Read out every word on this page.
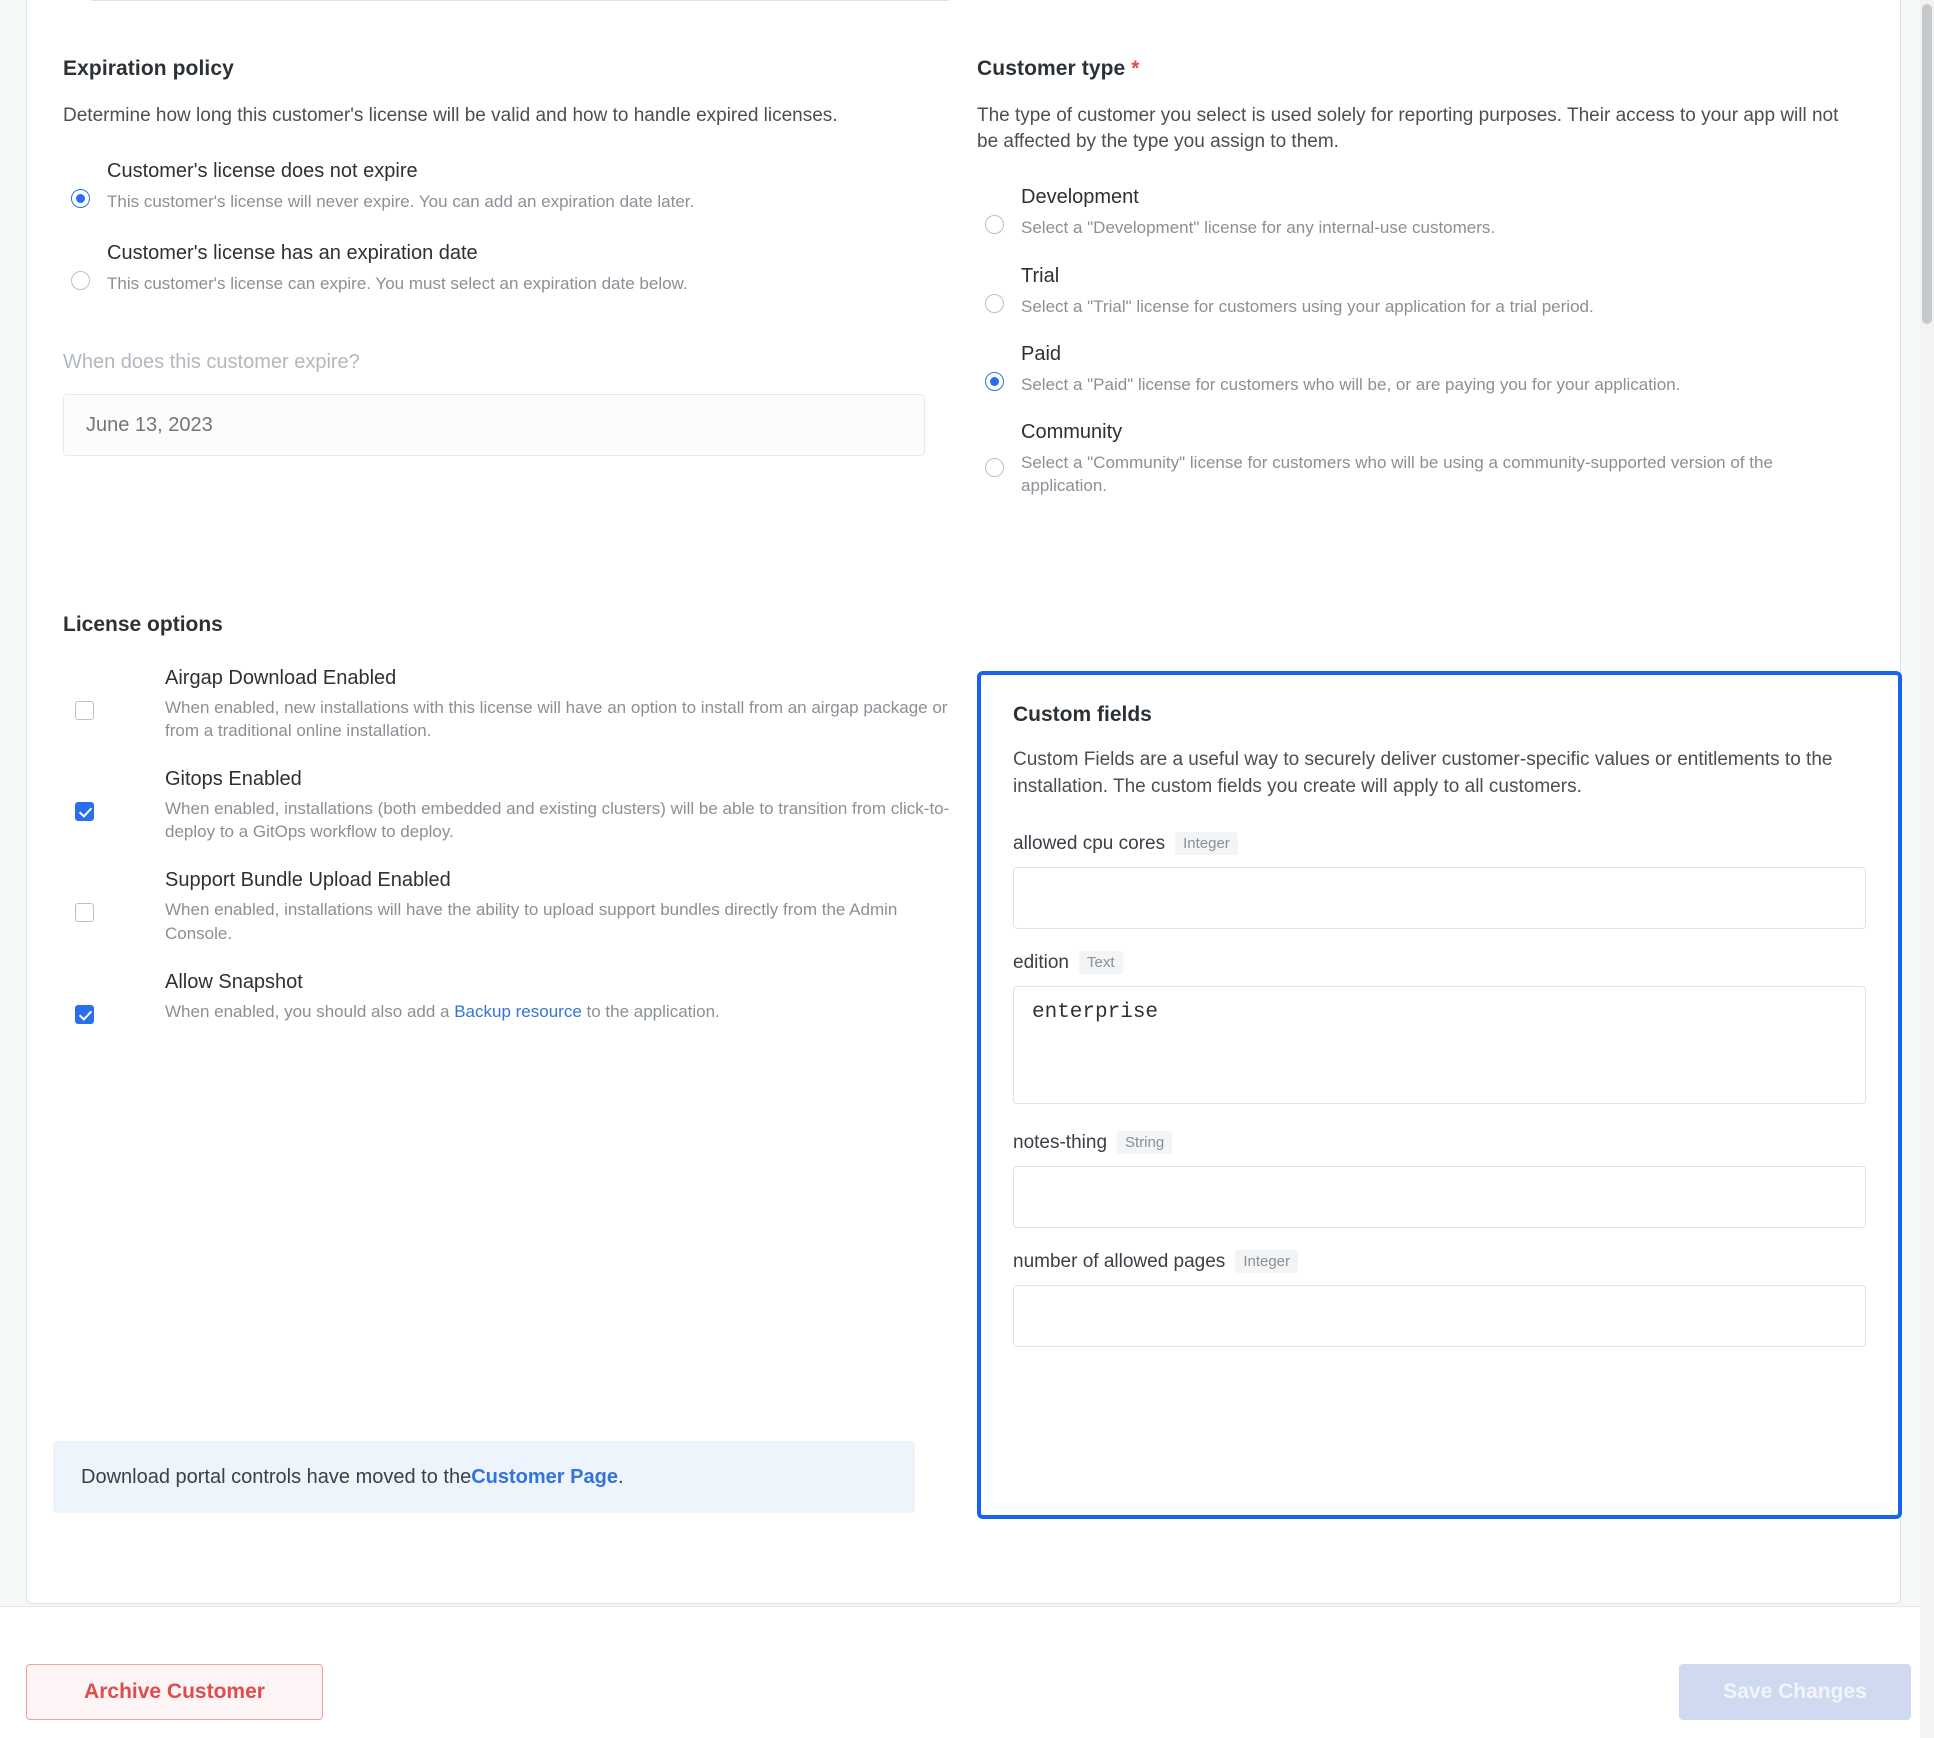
Expiration policy

Determine how long this customer's license will be valid and how to handle expired licenses.

Customer's license does not expire
This customer's license will never expire. You can add an expiration date later.
Customer's license has an expiration date
This customer's license can expire. You must select an expiration date below.
When does this customer expire?
June 13, 2023
License options
Airgap Download Enabled
When enabled, new installations with this license will have an option to install from an airgap package or from a traditional online installation.
Gitops Enabled
When enabled, installations (both embedded and existing clusters) will be able to transition from click-to-deploy to a GitOps workflow to deploy.
Support Bundle Upload Enabled
When enabled, installations will have the ability to upload support bundles directly from the Admin Console.
Allow Snapshot
When enabled, you should also add a Backup resource to the application.
Download portal controls have moved to the Customer Page .
Customer type *

The type of customer you select is used solely for reporting purposes. Their access to your app will not be affected by the type you assign to them.

Development
Select a "Development" license for any internal-use customers.
Trial
Select a "Trial" license for customers using your application for a trial period.
Paid
Select a "Paid" license for customers who will be, or are paying you for your application.
Community
Select a "Community" license for customers who will be using a community-supported version of the application.
Custom fields
Custom Fields are a useful way to securely deliver customer-specific values or entitlements to the installation. The custom fields you create will apply to all customers.
allowed cpu cores	Integer
edition	Text
enterprise
notes-thing	String
number of allowed pages	Integer
Archive Customer	Save Changes
